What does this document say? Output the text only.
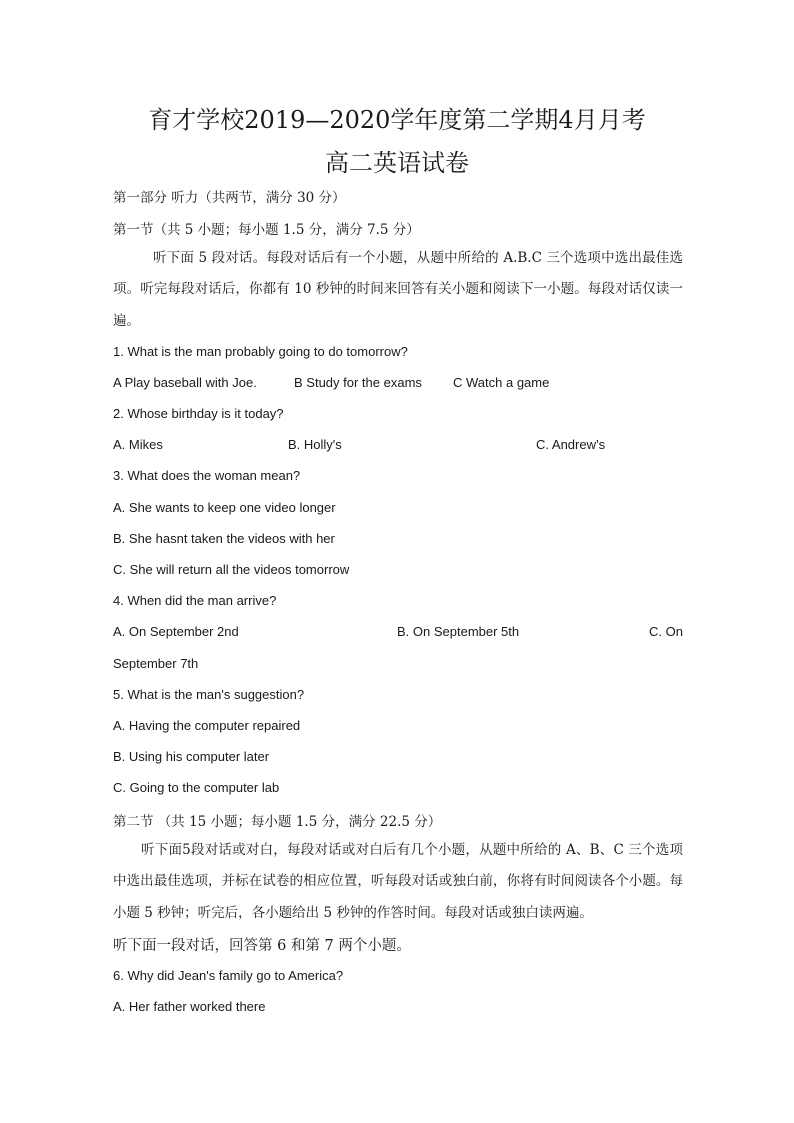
育才学校2019—2020学年度第二学期4月月考
高二英语试卷
第一部分 听力（共两节，满分 30 分）
第一节（共 5 小题；每小题 1.5 分，满分 7.5 分）
听下面 5 段对话。每段对话后有一个小题，从题中所给的 A.B.C 三个选项中选出最佳选项。听完每段对话后，你都有 10 秒钟的时间来回答有关小题和阅读下一小题。每段对话仅读一遍。
1. What is the man probably going to do tomorrow?
A Play baseball with Joe.	B Study for the exams C Watch a game
2. Whose birthday is it today?
A. Mikes	B. Holly's	C. Andrew’s
3. What does the woman mean?
A. She wants to keep one video longer
B. She hasnt taken the videos with her
C. She will return all the videos tomorrow
4. When did the man arrive?
A. On September 2nd	B. On September 5th	C. On
September 7th
5. What is the man's suggestion?
A. Having the computer repaired
B. Using his computer later
C. Going to the computer lab
第二节 （共 15 小题；每小题 1.5 分，满分 22.5 分）
听下面5段对话或对白，每段对话或对白后有几个小题，从题中所给的 A、B、C 三个选项中选出最佳选项，并标在试卷的相应位置，听每段对话或独白前，你将有时间阅读各个小题。每小题 5 秒钟；听完后，各小题给出 5 秒钟的作答时间。每段对话或独白读两遍。
听下面一段对话，回答第 6 和第 7 两个小题。
6. Why did Jean's family go to America?
A. Her father worked there
